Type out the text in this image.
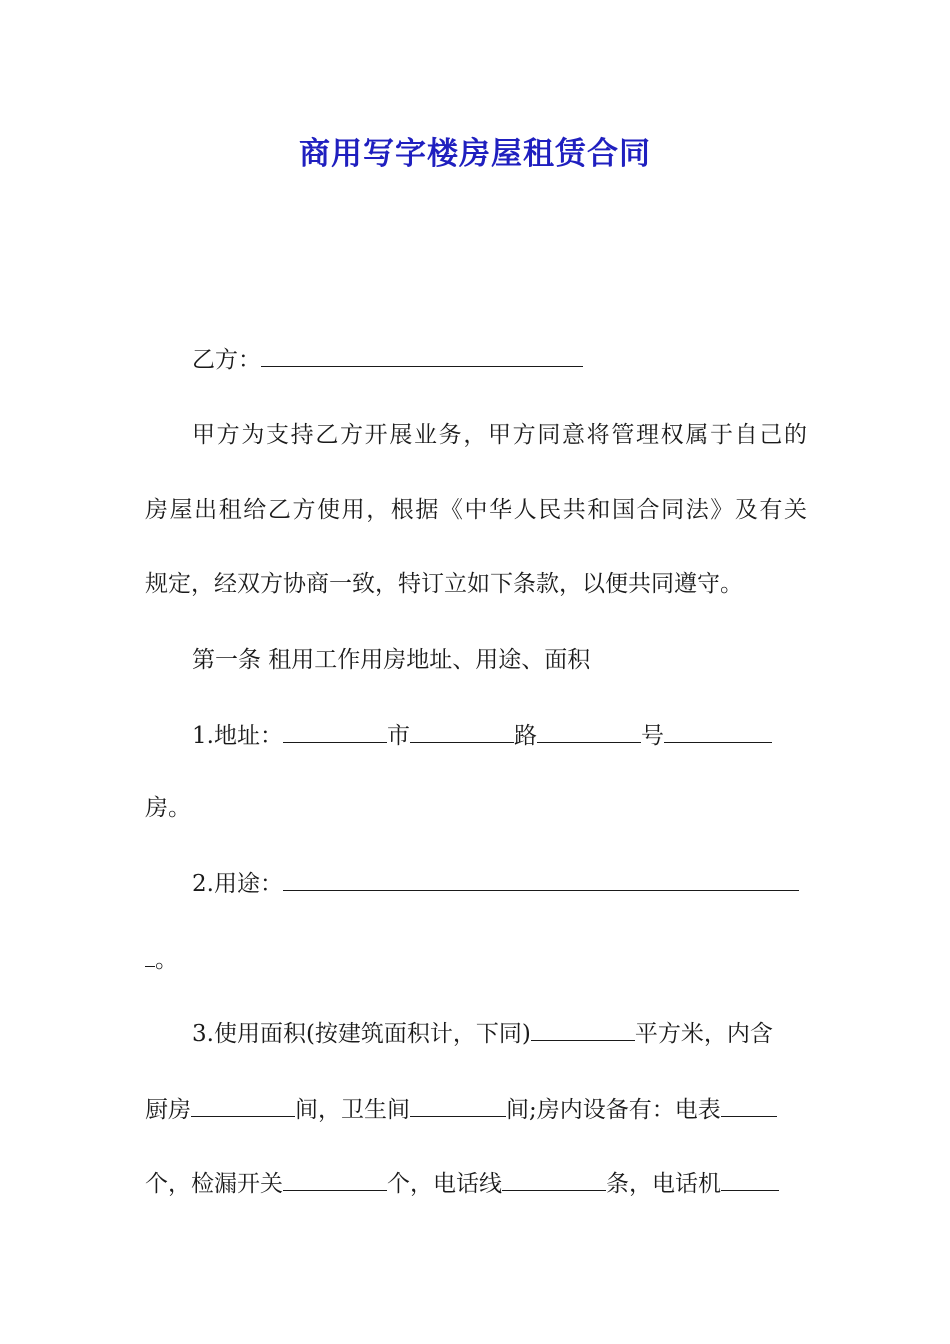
商用写字楼房屋租赁合同
乙方：
甲方为支持乙方开展业务，甲方同意将管理权属于自己的
房屋出租给乙方使用，根据《中华人民共和国合同法》及有关
规定，经双方协商一致，特订立如下条款，以便共同遵守。
第一条 租用工作用房地址、用途、面积
1.地址：	市	路	号
房。
2.用途：
。
3.使用面积(按建筑面积计，下同)	平方米，内含
厨房	间，卫生间	间;房内设备有：电表
个，检漏开关	个，电话线	条，电话机
